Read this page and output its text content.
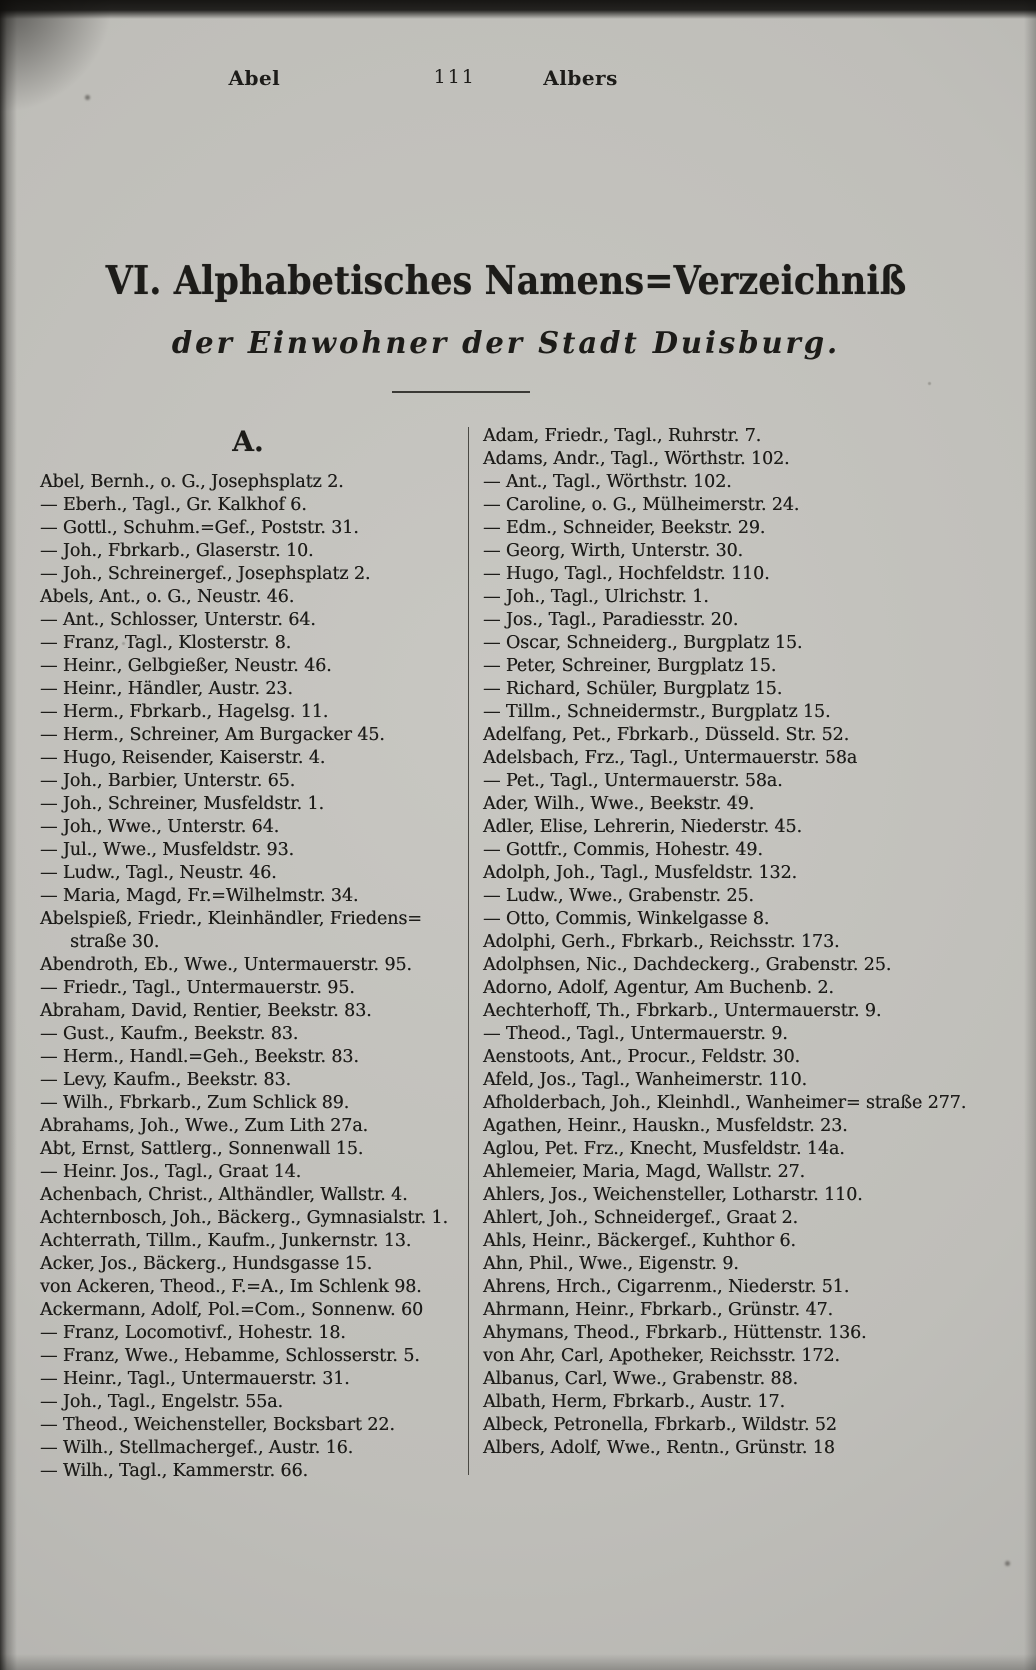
Abel	111	Albers
VI. Alphabetisches Namens=Verzeichniß
der Einwohner der Stadt Duisburg.
A.
Abel, Bernh., o. G., Josephsplatz 2.
— Eberh., Tagl., Gr. Kalkhof 6.
— Gottl., Schuhm.=Gef., Poststr. 31.
— Joh., Fbrkarb., Glaserstr. 10.
— Joh., Schreinergef., Josephsplatz 2.
Abels, Ant., o. G., Neustr. 46.
— Ant., Schlosser, Unterstr. 64.
— Franz, Tagl., Klosterstr. 8.
— Heinr., Gelbgießer, Neustr. 46.
— Heinr., Händler, Austr. 23.
— Herm., Fbrkarb., Hagelsg. 11.
— Herm., Schreiner, Am Burgacker 45.
— Hugo, Reisender, Kaiserstr. 4.
— Joh., Barbier, Unterstr. 65.
— Joh., Schreiner, Musfeldstr. 1.
— Joh., Wwe., Unterstr. 64.
— Jul., Wwe., Musfeldstr. 93.
— Ludw., Tagl., Neustr. 46.
— Maria, Magd, Fr.=Wilhelmstr. 34.
Abelspieß, Friedr., Kleinhändler, Friedens= straße 30.
Abendroth, Eb., Wwe., Untermauerstr. 95.
— Friedr., Tagl., Untermauerstr. 95.
Abraham, David, Rentier, Beekstr. 83.
— Gust., Kaufm., Beekstr. 83.
— Herm., Handl.=Geh., Beekstr. 83.
— Levy, Kaufm., Beekstr. 83.
— Wilh., Fbrkarb., Zum Schlick 89.
Abrahams, Joh., Wwe., Zum Lith 27a.
Abt, Ernst, Sattlerg., Sonnenwall 15.
— Heinr. Jos., Tagl., Graat 14.
Achenbach, Christ., Althändler, Wallstr. 4.
Achternbosch, Joh., Bäckerg., Gymnasialstr. 1.
Achterrath, Tillm., Kaufm., Junkernstr. 13.
Acker, Jos., Bäckerg., Hundsgasse 15.
von Ackeren, Theod., F.=A., Im Schlenk 98.
Ackermann, Adolf, Pol.=Com., Sonnenw. 60
— Franz, Locomotivf., Hohestr. 18.
— Franz, Wwe., Hebamme, Schlosserstr. 5.
— Heinr., Tagl., Untermauerstr. 31.
— Joh., Tagl., Engelstr. 55a.
— Theod., Weichensteller, Bocksbart 22.
— Wilh., Stellmachergef., Austr. 16.
— Wilh., Tagl., Kammerstr. 66.
Adam, Friedr., Tagl., Ruhrstr. 7.
Adams, Andr., Tagl., Wörthstr. 102.
— Ant., Tagl., Wörthstr. 102.
— Caroline, o. G., Mülheimerstr. 24.
— Edm., Schneider, Beekstr. 29.
— Georg, Wirth, Unterstr. 30.
— Hugo, Tagl., Hochfeldstr. 110.
— Joh., Tagl., Ulrichstr. 1.
— Jos., Tagl., Paradiesstr. 20.
— Oscar, Schneiderg., Burgplatz 15.
— Peter, Schreiner, Burgplatz 15.
— Richard, Schüler, Burgplatz 15.
— Tillm., Schneidermstr., Burgplatz 15.
Adelfang, Pet., Fbrkarb., Düsseld. Str. 52.
Adelsbach, Frz., Tagl., Untermauerstr. 58a
— Pet., Tagl., Untermauerstr. 58a.
Ader, Wilh., Wwe., Beekstr. 49.
Adler, Elise, Lehrerin, Niederstr. 45.
— Gottfr., Commis, Hohestr. 49.
Adolph, Joh., Tagl., Musfeldstr. 132.
— Ludw., Wwe., Grabenstr. 25.
— Otto, Commis, Winkelgasse 8.
Adolphi, Gerh., Fbrkarb., Reichsstr. 173.
Adolphsen, Nic., Dachdeckerg., Grabenstr. 25.
Adorno, Adolf, Agentur, Am Buchenb. 2.
Aechterhoff, Th., Fbrkarb., Untermauerstr. 9.
— Theod., Tagl., Untermauerstr. 9.
Aenstoots, Ant., Procur., Feldstr. 30.
Afeld, Jos., Tagl., Wanheimerstr. 110.
Afholderbach, Joh., Kleinhdl., Wanheimer= straße 277.
Agathen, Heinr., Hauskn., Musfeldstr. 23.
Aglou, Pet. Frz., Knecht, Musfeldstr. 14a.
Ahlemeier, Maria, Magd, Wallstr. 27.
Ahlers, Jos., Weichensteller, Lotharstr. 110.
Ahlert, Joh., Schneidergef., Graat 2.
Ahls, Heinr., Bäckergef., Kuhthor 6.
Ahn, Phil., Wwe., Eigenstr. 9.
Ahrens, Hrch., Cigarrenm., Niederstr. 51.
Ahrmann, Heinr., Fbrkarb., Grünstr. 47.
Ahymans, Theod., Fbrkarb., Hüttenstr. 136.
von Ahr, Carl, Apotheker, Reichsstr. 172.
Albanus, Carl, Wwe., Grabenstr. 88.
Albath, Herm, Fbrkarb., Austr. 17.
Albeck, Petronella, Fbrkarb., Wildstr. 52
Albers, Adolf, Wwe., Rentn., Grünstr. 18
